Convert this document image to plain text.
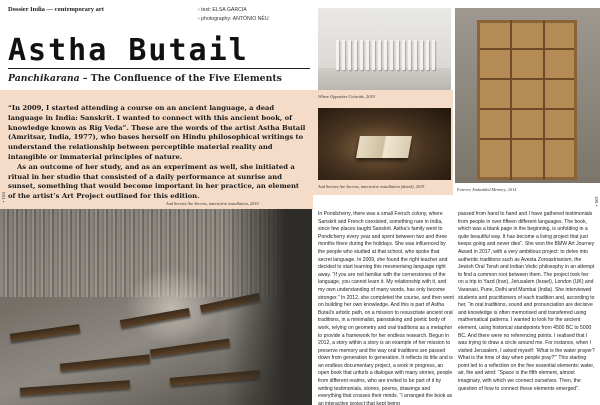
Dossier India — contemporary art	› text: ELSA GARCIA
› photography: ANTÓNIO NÉU
Astha Butail
Panchikarana – The Confluence of the Five Elements

“In 2009, I started attending a course on an ancient language, a dead language in India: Sanskrit. I wanted to connect with this ancient book, of knowledge known as Rig Veda”. These are the words of the artist Astha Butail (Amritsar, India, 1977), who bases herself on Hindu philosophical writings to understand the relationship between perceptible material reality and intangible or immaterial principles of nature.

As an outcome of her study, and as an experiment as well, she initiated a ritual in her studio that consisted of a daily performance at sunrise and sunset, something that would become important in her practice, an element of the artist’s Art Project outlined for this edition.

• 104	105 •
And Secrets Are Secrets, interactive installation, 2019
Where Opposites Coincide, 2019
And Secrets Are Secrets, interactive installation (detail), 2019
Forever, Embedded Memory, 2014
In Pondicherry, there was a small French colony, where Sanskrit and French coexisted, something rare in India, since few places taught Sanskrit. Astha’s family went to Pondicherry every year and spent between two and three months there during the holidays. She was influenced by the people who studied at that school, who spoke that secret language. In 2009, she found the right teacher and decided to start learning this mesmerising language right away. “If you are not familiar with the cornerstones of the language, you cannot learn it. My relationship with it, and my own understanding of many words, has only become stronger.” In 2012, she completed the course, and then went on building her own knowledge. And this is part of Astha Butail’s artistic path, on a mission to resuscitate ancient oral traditions, in a minimalist, painstaking and poetic body of work, relying on geometry and oral traditions as a metaphor to provide a framework for her endless research. Begun in 2012, a story within a story is an example of her mission to preserve memory and the way oral traditions are passed down from generation to generation. It reflects its title and is an endless documentary project, a work in progress, an open book that unfurls a dialogue with many stories, people from different realms, who are invited to be part of it by writing testimonials, stories, poems, drawings and everything that crosses their minds. “I arranged the book as an interactive project that kept being
passed from hand to hand and I have gathered testimonials from people in over fifteen different languages. The book, which was a blank page in the beginning, is unfolding in a quite beautiful way. It has become a living project that just keeps going and never dies”. She won the BMW Art Journey Award in 2017, with a very ambitious project: to delve into authentic traditions such as Avesta Zoroastrianism, the Jewish Oral Torah and Indian Vedic philosophy in an attempt to find a common root between them. The project took her on a trip to Yazd (Iran), Jerusalem (Israel), London (UK) and Varanasi, Pune, Delhi and Mumbai (India). She interviewed students and practitioners of each tradition and, according to her, “in oral traditions, sound and pronunciation are decisive and knowledge is often memorised and transferred using mathematical patterns. I wanted to look for the ancient element, using historical standpoints from 4500 BC to 5000 BC. And there were no referencing points. I realised that I was trying to draw a circle around me. For instance, when I visited Jerusalem, I asked myself: ‘What is the water prayer? What is the time of day when people pray?’” This starting point led to a reflection on the five essential elements: water, air, fire and wind: “Space is the fifth element, almost imaginary, with which we connect ourselves. Then, the question of how to connect these elements emerged”.
